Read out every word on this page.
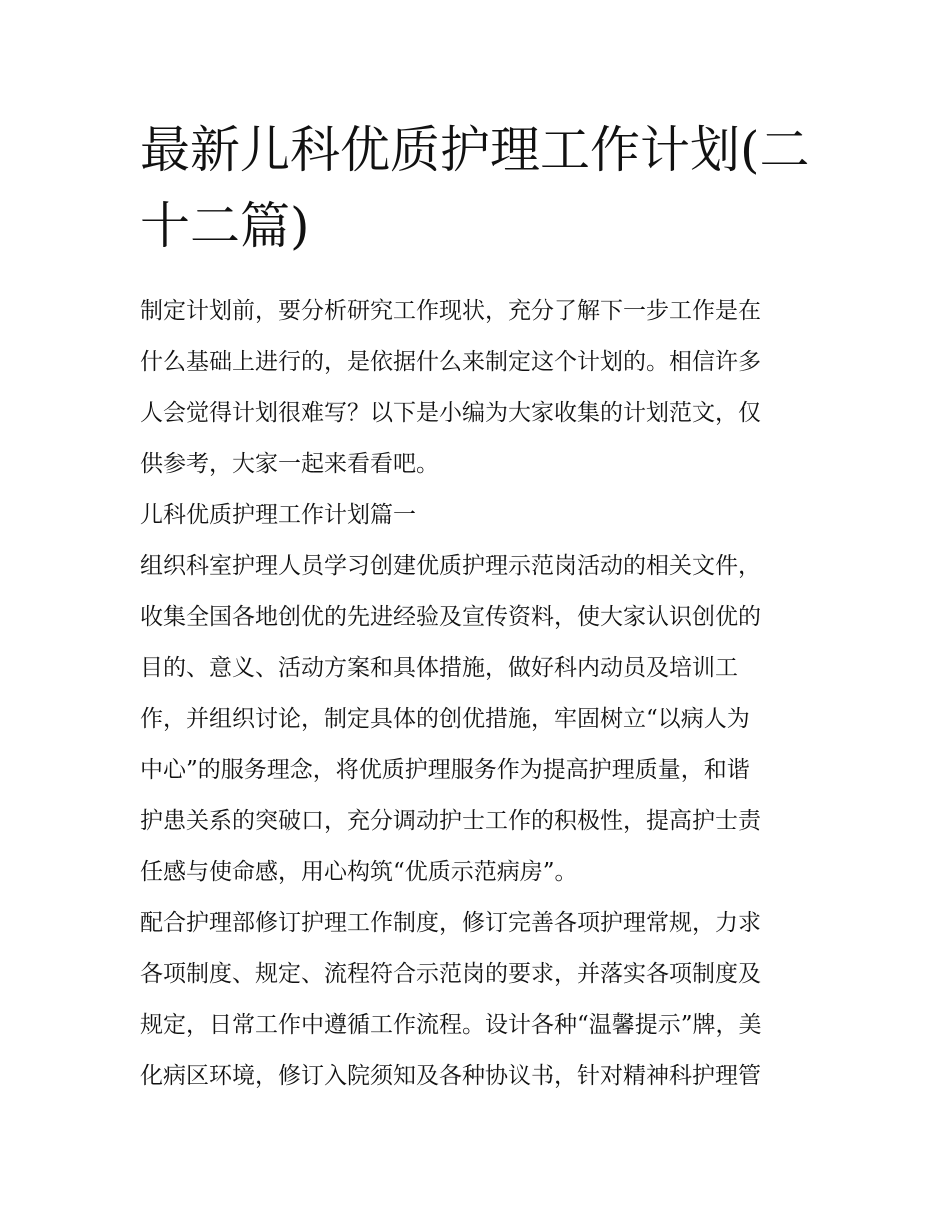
最新儿科优质护理工作计划(二
十二篇)
制定计划前，要分析研究工作现状，充分了解下一步工作是在
什么基础上进行的，是依据什么来制定这个计划的。相信许多
人会觉得计划很难写？以下是小编为大家收集的计划范文，仅
供参考，大家一起来看看吧。
儿科优质护理工作计划篇一
组织科室护理人员学习创建优质护理示范岗活动的相关文件，
收集全国各地创优的先进经验及宣传资料，使大家认识创优的
目的、意义、活动方案和具体措施，做好科内动员及培训工
作，并组织讨论，制定具体的创优措施，牢固树立“以病人为
中心”的服务理念，将优质护理服务作为提高护理质量，和谐
护患关系的突破口，充分调动护士工作的积极性，提高护士责
任感与使命感，用心构筑“优质示范病房”。
配合护理部修订护理工作制度，修订完善各项护理常规，力求
各项制度、规定、流程符合示范岗的要求，并落实各项制度及
规定，日常工作中遵循工作流程。设计各种“温馨提示”牌，美
化病区环境，修订入院须知及各种协议书，针对精神科护理管
